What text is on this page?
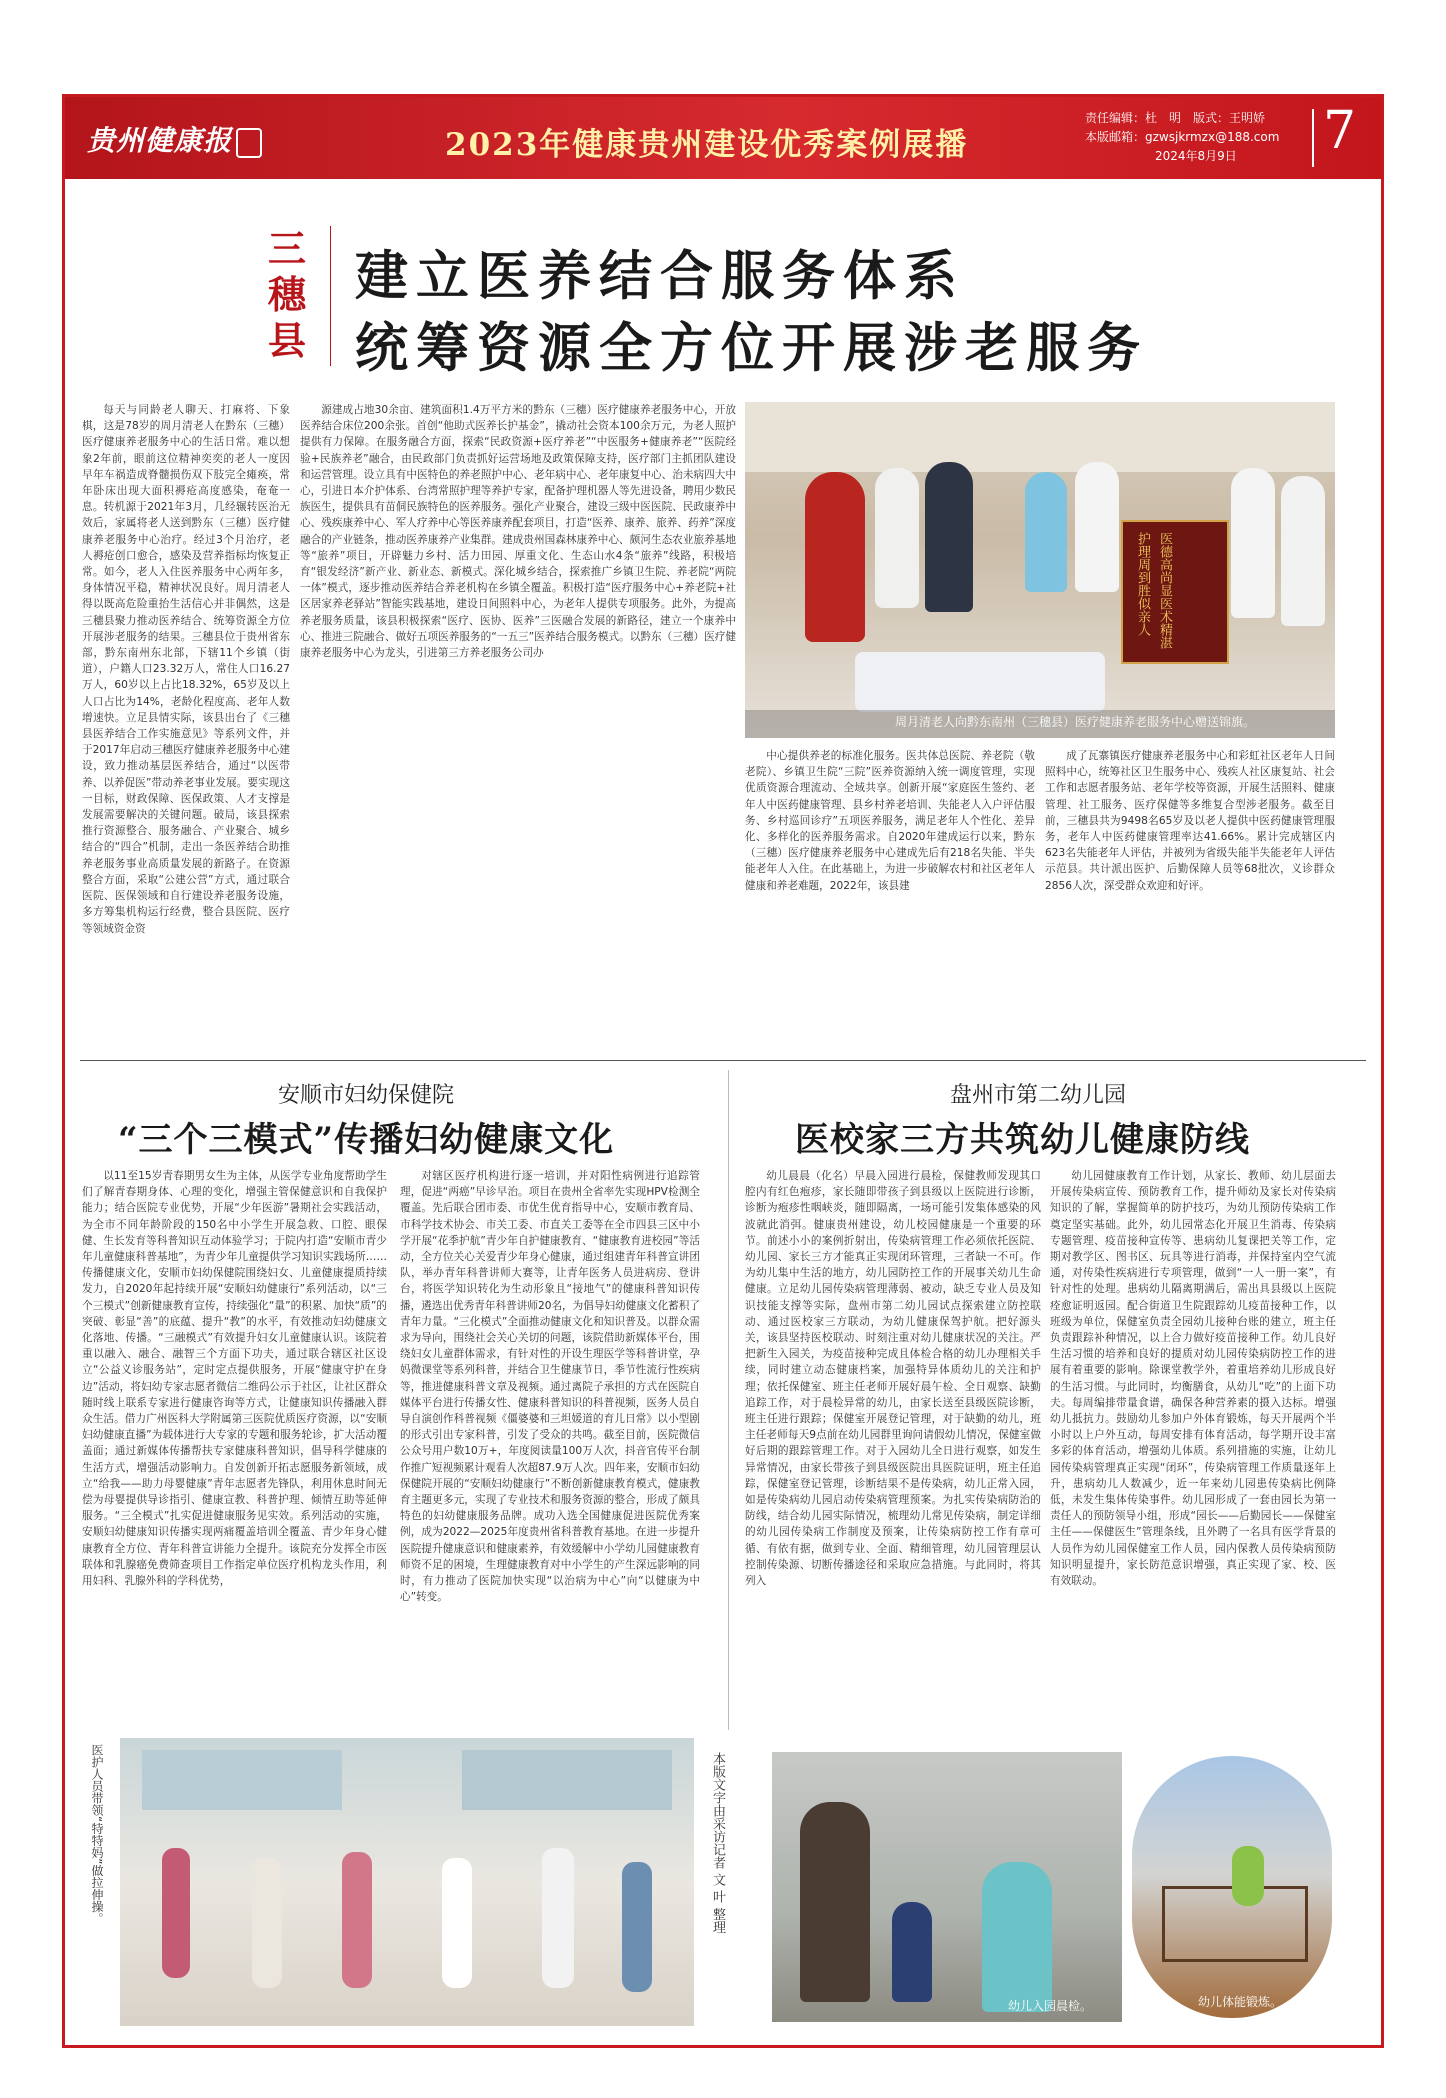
贵州健康报	2023年健康贵州建设优秀案例展播
责任编辑：杜　明　版式：王明娇
本版邮箱：gzwsjkrmzx@188.com
2024年8月9日	7
三穗县
建立医养结合服务体系
统筹资源全方位开展涉老服务

每天与同龄老人聊天、打麻将、下象棋，这是78岁的周月清老人在黔东（三穗）医疗健康养老服务中心的生活日常。难以想象2年前，眼前这位精神奕奕的老人一度因早年车祸造成脊髓损伤双下肢完全瘫痪，常年卧床出现大面积褥疮高度感染，奄奄一息。转机源于2021年3月，几经辗转医治无效后，家属将老人送到黔东（三穗）医疗健康养老服务中心治疗。经过3个月治疗，老人褥疮创口愈合，感染及营养指标均恢复正常。如今，老人入住医养服务中心两年多，身体情况平稳，精神状况良好。周月清老人得以既高危险重抬生活信心并非偶然，这是三穗县聚力推动医养结合、统筹资源全方位开展涉老服务的结果。三穗县位于贵州省东部，黔东南州东北部，下辖11个乡镇（街道），户籍人口23.32万人，常住人口16.27万人，60岁以上占比18.32%，65岁及以上人口占比为14%，老龄化程度高、老年人数增速快。立足县情实际，该县出台了《三穗县医养结合工作实施意见》等系列文件，并于2017年启动三穗医疗健康养老服务中心建设，致力推动基层医养结合，通过“以医带养、以养促医”带动养老事业发展。要实现这一目标，财政保障、医保政策、人才支撑是发展需要解决的关键问题。破局，该县探索推行资源整合、服务融合、产业聚合、城乡结合的“四合”机制，走出一条医养结合助推养老服务事业高质量发展的新路子。在资源整合方面，采取“公建公营”方式，通过联合医院、医保领域和自行建设养老服务设施，多方筹集机构运行经费，整合县医院、医疗等领域资金资

医德高尚显医术精湛 护理周到胜似亲人
周月清老人向黔东南州（三穗县）医疗健康养老服务中心赠送锦旗。

中心提供养老的标准化服务。医共体总医院、养老院（敬老院）、乡镇卫生院“三院”医养资源纳入统一调度管理，实现优质资源合理流动、全域共享。创新开展“家庭医生签约、老年人中医药健康管理、县乡村养老培训、失能老人入户评估服务、乡村巡回诊疗”五项医养服务，满足老年人个性化、差异化、多样化的医养服务需求。自2020年建成运行以来，黔东（三穗）医疗健康养老服务中心建成先后有218名失能、半失能老年人入住。在此基础上，为进一步破解农村和社区老年人健康和养老难题，2022年，该县建

成了瓦寨镇医疗健康养老服务中心和彩虹社区老年人日间照料中心，统筹社区卫生服务中心、残疾人社区康复站、社会工作和志愿者服务站、老年学校等资源，开展生活照料、健康管理、社工服务、医疗保健等多维复合型涉老服务。截至目前，三穗县共为9498名65岁及以老人提供中医药健康管理服务，老年人中医药健康管理率达41.66%。累计完成辖区内623名失能老年人评估，并被列为省级失能半失能老年人评估示范县。共计派出医护、后勤保障人员等68批次，义诊群众2856人次，深受群众欢迎和好评。

安顺市妇幼保健院
“三个三模式”传播妇幼健康文化

以11至15岁青春期男女生为主体，从医学专业角度帮助学生们了解青春期身体、心理的变化，增强主管保健意识和自我保护能力；结合医院专业优势，开展“少年医游”暑期社会实践活动，为全市不同年龄阶段的150名中小学生开展急救、口腔、眼保健、生长发育等科普知识互动体验学习；于院内打造“安顺市青少年儿童健康科普基地”，为青少年儿童提供学习知识实践场所……传播健康文化，安顺市妇幼保健院围绕妇女、儿童健康提质持续发力，自2020年起持续开展“安顺妇幼健康行”系列活动，以“三个三模式”创新健康教育宣传，持续强化“量”的积累、加快“质”的突破、彰显“善”的底蕴、提升“教”的水平，有效推动妇幼健康文化落地、传播。“三融模式”有效提升妇女儿童健康认识。该院着重以融入、融合、融智三个方面下功夫，通过联合辖区社区设立“公益义诊服务站”，定时定点提供服务，开展“健康守护在身边”活动，将妇幼专家志愿者微信二维码公示于社区，让社区群众随时线上联系专家进行健康咨询等方式，让健康知识传播融入群众生活。借力广州医科大学附属第三医院优质医疗资源，以“安顺妇幼健康直播”为载体进行大专家的专题和服务轮诊，扩大活动覆盖面；通过新媒体传播帮扶专家健康科普知识，倡导科学健康的生活方式，增强活动影响力。自发创新开拓志愿服务新领域，成立“给我——助力母婴健康”青年志愿者先锋队，利用休息时间无偿为母婴提供导诊指引、健康宣教、科普护理、倾情互助等延伸服务。“三全模式”扎实促进健康服务见实效。系列活动的实施，安顺妇幼健康知识传播实现两痛覆盖培训全覆盖、青少年身心健康教育全方位、青年科普宣讲能力全提升。该院充分发挥全市医联体和乳腺癌免费筛查项目工作指定单位医疗机构龙头作用，利用妇科、乳腺外科的学科优势，

对辖区医疗机构进行逐一培训，并对阳性病例进行追踪管理，促进“两癌”早诊早治。项目在贵州全省率先实现HPV检测全覆盖。先后联合团市委、市优生优育指导中心，安顺市教育局、市科学技术协会、市关工委、市直关工委等在全市四县三区中小学开展“花季护航”青少年自护健康教育、“健康教育进校园”等活动，全方位关心关爱青少年身心健康，通过组建青年科普宣讲团队，举办青年科普讲师大赛等，让青年医务人员进病房、登讲台，将医学知识转化为生动形象且“接地气”的健康科普知识传播，遴选出优秀青年科普讲师20名，为倡导妇幼健康文化蓄积了青年力量。“三化模式”全面推动健康文化和知识普及。以群众需求为导向，围绕社会关心关切的问题，该院借助新媒体平台，围绕妇女儿童群体需求，有针对性的开设生理医学等科普讲堂，孕妈微课堂等系列科普，并结合卫生健康节日，季节性流行性疾病等，推进健康科普文章及视频。通过离院子承担的方式在医院自媒体平台进行传播女性、健康科普知识的科普视频，医务人员自导自演创作科普视频《僵婆婆和三坦媛道的育儿日常》以小型剧的形式引出专家科普，引发了受众的共鸣。截至目前，医院微信公众号用户数10万+，年度阅读量100万人次，抖音官传平台制作推广短视频累计观看人次超87.9万人次。四年来，安顺市妇幼保健院开展的“安顺妇幼健康行”不断创新健康教育模式，健康教育主题更多元，实现了专业技术和服务资源的整合，形成了颇具特色的妇幼健康服务品牌。成功入选全国健康促进医院优秀案例，成为2022—2025年度贵州省科普教育基地。在进一步提升医院提升健康意识和健康素养，有效缓解中小学幼儿园健康教育师资不足的困境，生理健康教育对中小学生的产生深远影响的同时，有力推动了医院加快实现“以治病为中心”向“以健康为中心”转变。

医护人员带领“特特妈”做拉伸操。	本版文字由采访记者 文 叶 整理
盘州市第二幼儿园
医校家三方共筑幼儿健康防线

幼儿晨晨（化名）早晨入园进行晨检，保健教师发现其口腔内有红色疱疹，家长随即带孩子到县级以上医院进行诊断，诊断为疱疹性咽峡炎，随即隔离，一场可能引发集体感染的风波就此消弭。健康贵州建设，幼儿校园健康是一个重要的环节。前述小小的案例折射出，传染病管理工作必须依托医院、幼儿园、家长三方才能真正实现闭环管理，三者缺一不可。作为幼儿集中生活的地方，幼儿园防控工作的开展事关幼儿生命健康。立足幼儿园传染病管理薄弱、被动，缺乏专业人员及知识技能支撑等实际，盘州市第二幼儿园试点探索建立防控联动、通过医校家三方联动，为幼儿健康保驾护航。把好源头关，该县坚持医校联动、时刻注重对幼儿健康状况的关注。严把新生入园关，为疫苗接种完成且体检合格的幼儿办理相关手续，同时建立动态健康档案，加强特异体质幼儿的关注和护理；依托保健室、班主任老师开展好晨午检、全日观察、缺勤追踪工作，对于晨检异常的幼儿，由家长送至县级医院诊断，班主任进行跟踪；保健室开展登记管理，对于缺勤的幼儿，班主任老师每天9点前在幼儿园群里询问请假幼儿情况，保健室做好后期的跟踪管理工作。对于入园幼儿全日进行观察，如发生异常情况，由家长带孩子到县级医院出具医院证明，班主任追踪，保健室登记管理，诊断结果不是传染病，幼儿正常入园，如是传染病幼儿园启动传染病管理预案。为扎实传染病防治的防线，结合幼儿园实际情况，梳理幼儿常见传染病，制定详细的幼儿园传染病工作制度及预案，让传染病防控工作有章可循、有依有据，做到专业、全面、精细管理，幼儿园管理层认控制传染源、切断传播途径和采取应急措施。与此同时，将其列入

幼儿园健康教育工作计划，从家长、教师、幼儿层面去开展传染病宣传、预防教育工作，提升师幼及家长对传染病知识的了解，掌握简单的防护技巧，为幼儿预防传染病工作奠定坚实基础。此外，幼儿园常态化开展卫生消毒、传染病专题管理、疫苗接种宣传等、患病幼儿复课把关等工作，定期对教学区、图书区、玩具等进行消毒，并保持室内空气流通，对传染性疾病进行专项管理，做到“一人一册一案”，有针对性的处理。患病幼儿隔离期满后，需出具县级以上医院痊愈证明返园。配合街道卫生院跟踪幼儿疫苗接种工作，以班级为单位，保健室负责全园幼儿接种台账的建立，班主任负责跟踪补种情况，以上合力做好疫苗接种工作。幼儿良好生活习惯的培养和良好的提质对幼儿园传染病防控工作的进展有着重要的影响。除课堂教学外，着重培养幼儿形成良好的生活习惯。与此同时，均衡膳食，从幼儿“吃”的上面下功夫。每周编排带量食谱，确保各种营养素的摄入达标。增强幼儿抵抗力。鼓励幼儿参加户外体育锻炼，每天开展两个半小时以上户外互动，每周安排有体育活动，每学期开设丰富多彩的体育活动，增强幼儿体质。系列措施的实施，让幼儿园传染病管理真正实现“闭环”，传染病管理工作质量逐年上升，患病幼儿人数减少，近一年来幼儿园患传染病比例降低，未发生集体传染事件。幼儿园形成了一套由园长为第一责任人的预防领导小组，形成“园长——后勤园长——保健室主任——保健医生”管理条线，且外聘了一名具有医学背景的人员作为幼儿园保健室工作人员，园内保教人员传染病预防知识明显提升，家长防范意识增强，真正实现了家、校、医有效联动。

幼儿入园晨检。	幼儿体能锻炼。

源建成占地30余亩、建筑面积1.4万平方米的黔东（三穗）医疗健康养老服务中心，开放医养结合床位200余张。首创“他助式医养长护基金”，撬动社会资本100余万元，为老人照护提供有力保障。在服务融合方面，探索“民政资源+医疗养老”“中医服务+健康养老”“医院经验+民族养老”融合，由民政部门负责抓好运营场地及政策保障支持，医疗部门主抓团队建设和运营管理。设立具有中医特色的养老照护中心、老年病中心、老年康复中心、治未病四大中心，引进日本介护体系、台湾常照护理等养护专家，配备护理机器人等先进设备，聘用少数民族医生，提供具有苗侗民族特色的医养服务。强化产业聚合，建设三级中医医院、民政康养中心、残疾康养中心、军人疗养中心等医养康养配套项目，打造“医养、康养、旅养、药养”深度融合的产业链条，推动医养康养产业集群。建成贵州国森林康养中心、颇河生态农业旅养基地等“旅养”项目，开辟魅力乡村、活力田园、厚重文化、生态山水4条“旅养”线路，积极培育“银发经济”新产业、新业态、新模式。深化城乡结合，探索推广乡镇卫生院、养老院“两院一体”模式，逐步推动医养结合养老机构在乡镇全覆盖。积极打造“医疗服务中心+养老院+社区居家养老驿站”智能实践基地，建设日间照料中心，为老年人提供专项服务。此外，为提高养老服务质量，该县积极探索“医疗、医协、医养”三医融合发展的新路径，建立一个康养中心、推进三院融合、做好五项医养服务的“一五三”医养结合服务模式。以黔东（三穗）医疗健康养老服务中心为龙头，引进第三方养老服务公司办
